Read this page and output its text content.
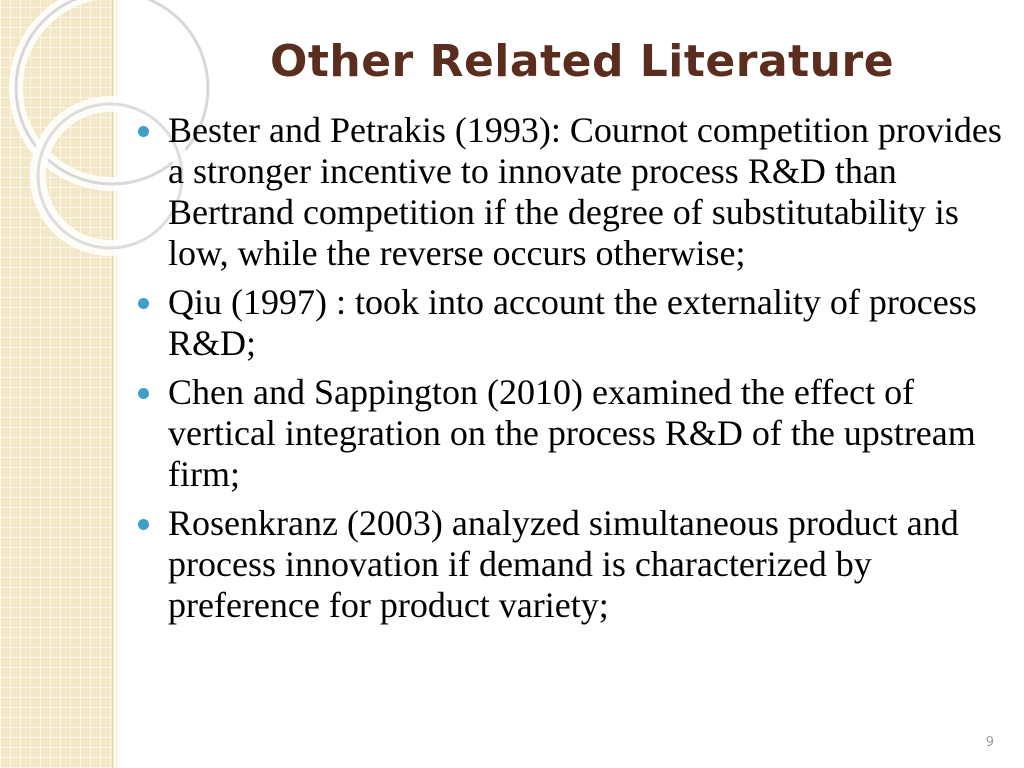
Other Related Literature
Bester and Petrakis (1993): Cournot competition provides a stronger incentive to innovate process R&D than Bertrand competition if the degree of substitutability is low, while the reverse occurs otherwise;
Qiu (1997) : took into account the externality of process R&D;
Chen and Sappington (2010) examined the effect of vertical integration on the process R&D of the upstream firm;
Rosenkranz (2003) analyzed simultaneous product and process innovation if demand is characterized by preference for product variety;
9
